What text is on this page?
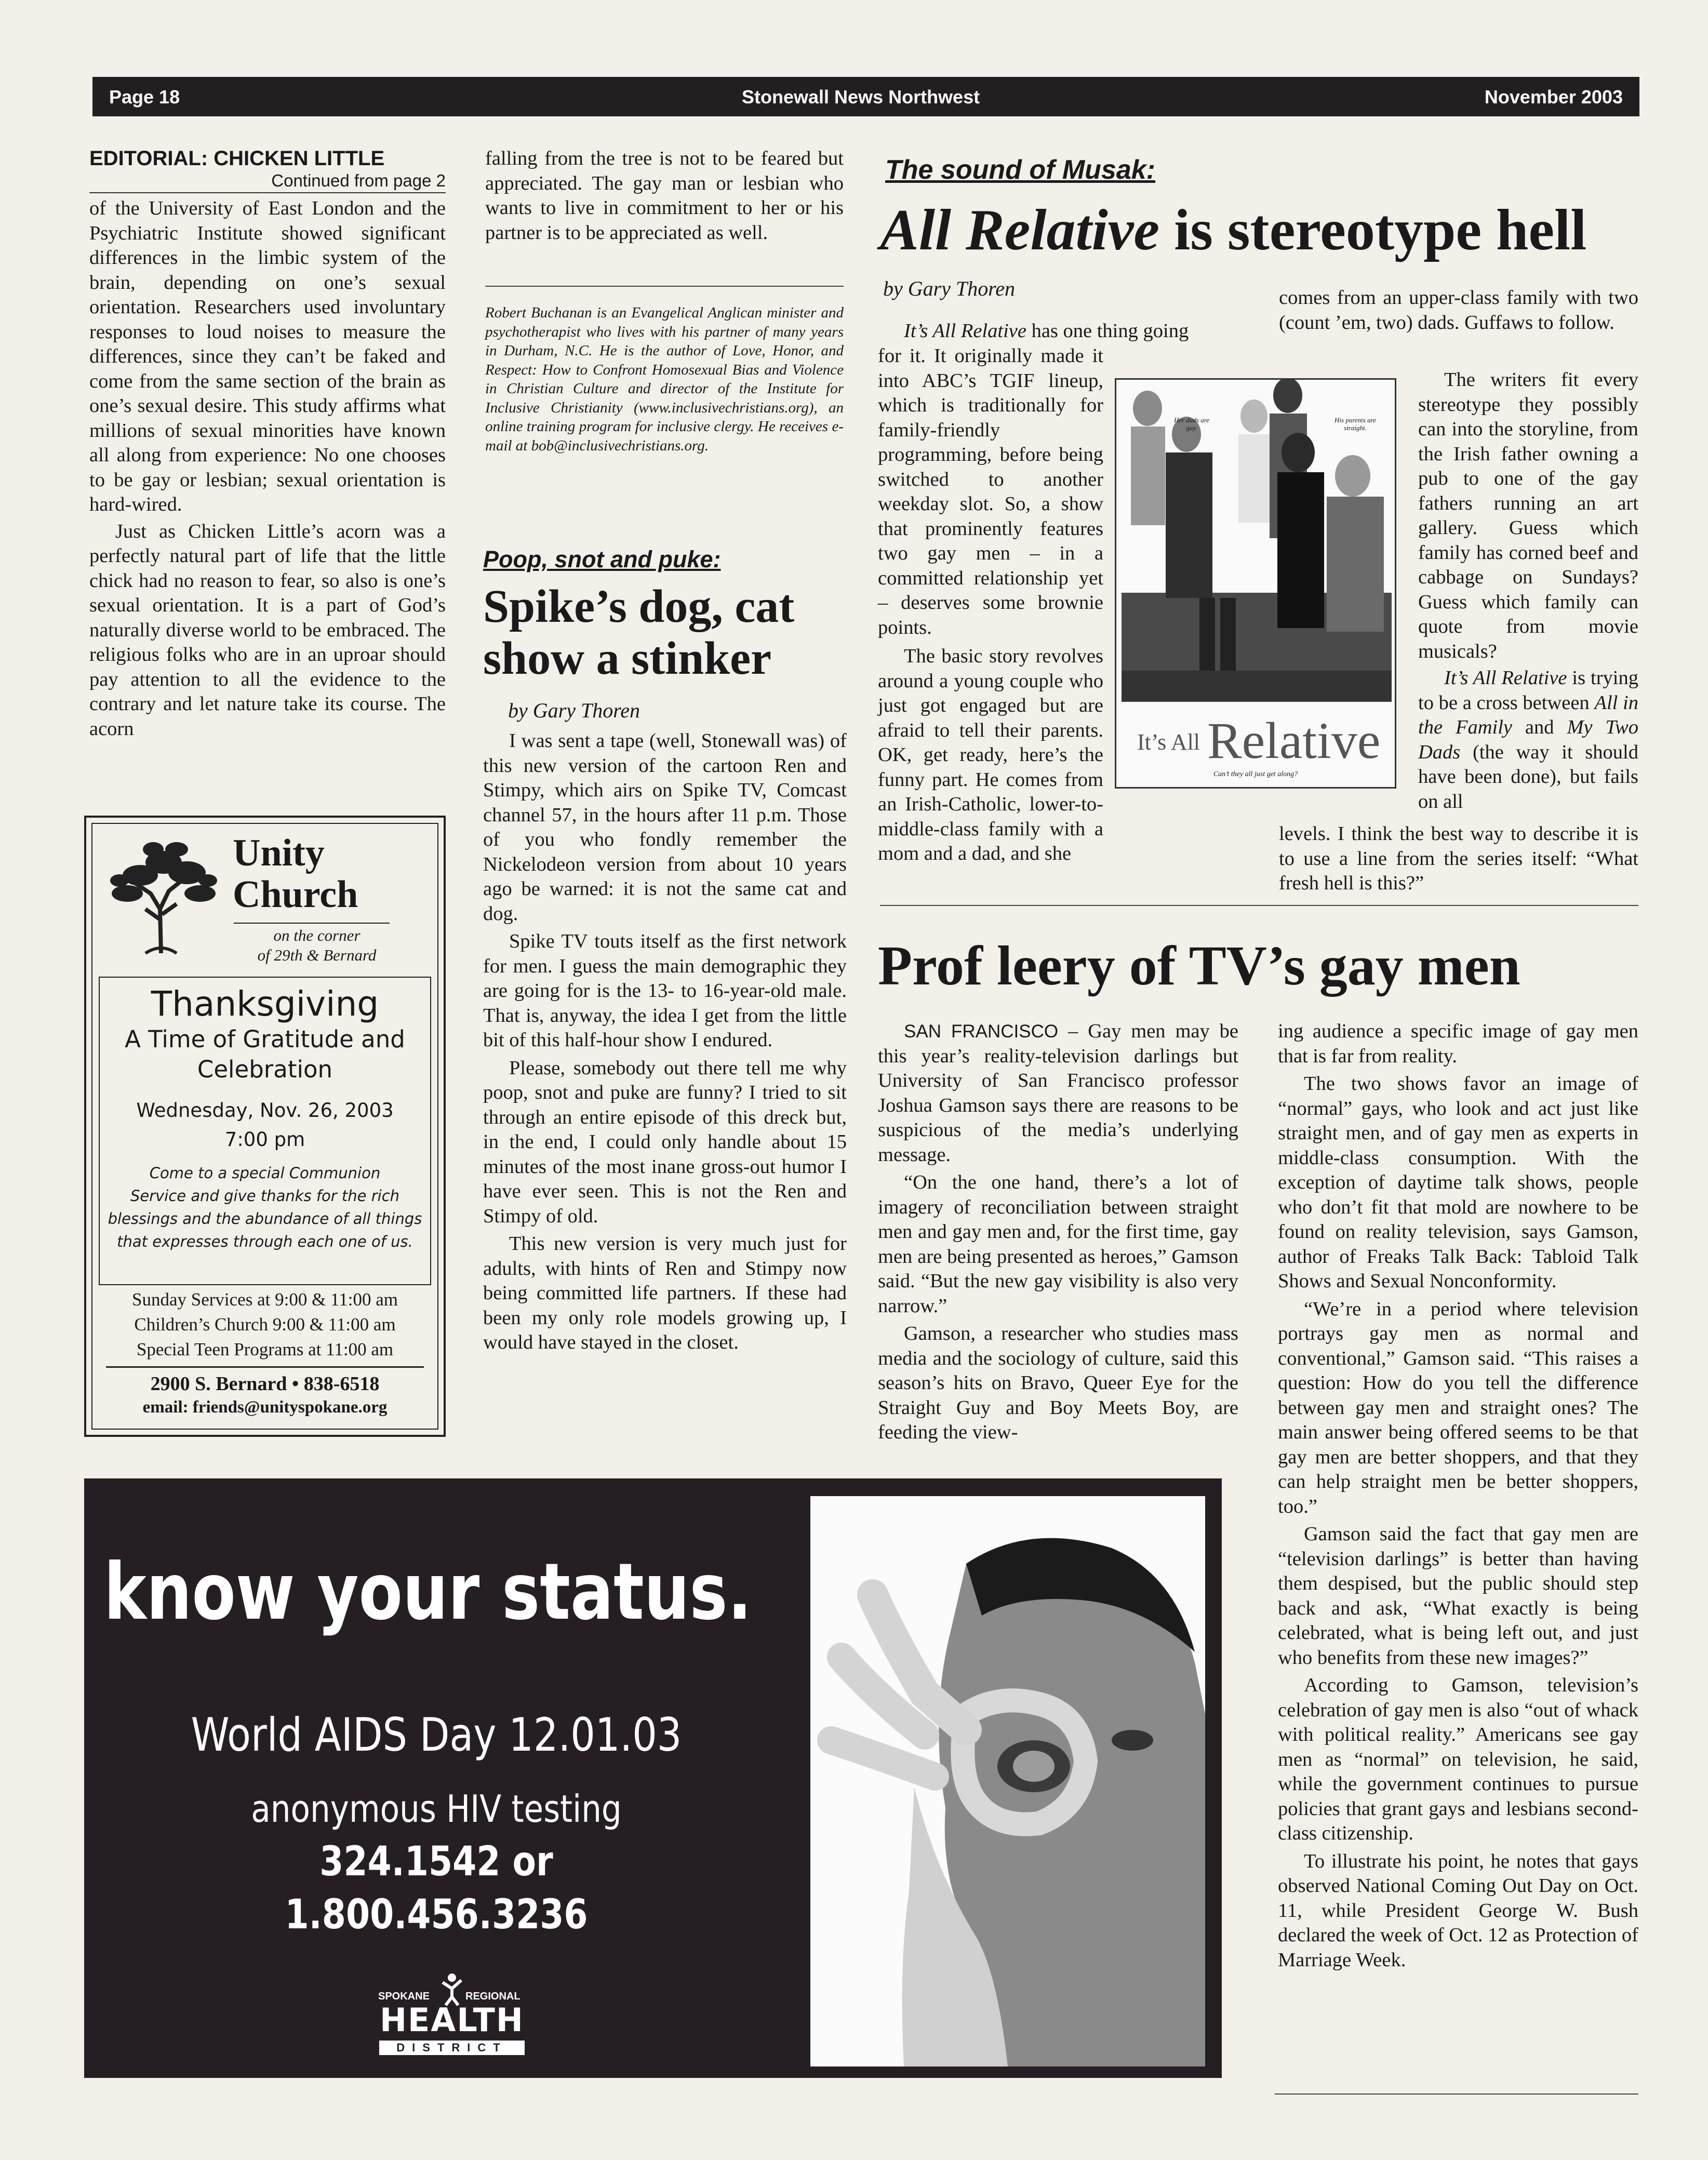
Page 18	Stonewall News Northwest	November 2003
EDITORIAL: CHICKEN LITTLE
Continued from page 2

of the University of East London and the Psychiatric Institute showed significant differences in the limbic system of the brain, depending on one’s sexual orientation. Researchers used involuntary responses to loud noises to measure the differences, since they can’t be faked and come from the same section of the brain as one’s sexual desire. This study affirms what millions of sexual minorities have known all along from experience: No one chooses to be gay or lesbian; sexual orientation is hard-wired.

Just as Chicken Little’s acorn was a perfectly natural part of life that the little chick had no reason to fear, so also is one’s sexual orientation. It is a part of God’s naturally diverse world to be embraced. The religious folks who are in an uproar should pay attention to all the evidence to the contrary and let nature take its course. The acorn

Unity
Church
on the corner
of 29th & Bernard
Thanksgiving
A Time of Gratitude and
Celebration
Wednesday, Nov. 26, 2003
7:00 pm
Come to a special Communion
Service and give thanks for the rich
blessings and the abundance of all things
that expresses through each one of us.
Sunday Services at 9:00 & 11:00 am
Children’s Church 9:00 & 11:00 am
Special Teen Programs at 11:00 am
2900 S. Bernard • 838-6518
email: friends@unityspokane.org

falling from the tree is not to be feared but appreciated. The gay man or lesbian who wants to live in commitment to her or his partner is to be appreciated as well.

Robert Buchanan is an Evangelical Anglican minister and psychotherapist who lives with his partner of many years in Durham, N.C. He is the author of Love, Honor, and Respect: How to Confront Homosexual Bias and Violence in Christian Culture and director of the Institute for Inclusive Christianity (www.inclusivechristians.org), an online training program for inclusive clergy. He receives e-mail at bob@inclusivechristians.org.

Poop, snot and puke:
Spike’s dog, cat
show a stinker
by Gary Thoren

I was sent a tape (well, Stonewall was) of this new version of the cartoon Ren and Stimpy, which airs on Spike TV, Comcast channel 57, in the hours after 11 p.m. Those of you who fondly remember the Nickelodeon version from about 10 years ago be warned: it is not the same cat and dog.

Spike TV touts itself as the first network for men. I guess the main demographic they are going for is the 13- to 16-year-old male. That is, anyway, the idea I get from the little bit of this half-hour show I endured.

Please, somebody out there tell me why poop, snot and puke are funny? I tried to sit through an entire episode of this dreck but, in the end, I could only handle about 15 minutes of the most inane gross-out humor I have ever seen. This is not the Ren and Stimpy of old.

This new version is very much just for adults, with hints of Ren and Stimpy now being committed life partners. If these had been my only role models growing up, I would have stayed in the closet.

The sound of Musak:
All Relative is stereotype hell
by Gary Thoren

It’s All Relative has one thing going

for it. It originally made it into ABC’s TGIF lineup, which is traditionally for family-friendly programming, before being switched to another weekday slot. So, a show that prominently features two gay men – in a committed relationship yet – deserves some brownie points.

The basic story revolves around a young couple who just got engaged but are afraid to tell their parents. OK, get ready, here’s the funny part. He comes from an Irish-Catholic, lower-to-middle-class family with a mom and a dad, and she

Her dads are gay.
His parents are straight.
It’s All Relative
Can’t they all just get along?

comes from an upper-class family with two (count ’em, two) dads. Guffaws to follow.

The writers fit every stereotype they possibly can into the storyline, from the Irish father owning a pub to one of the gay fathers running an art gallery. Guess which family has corned beef and cabbage on Sundays? Guess which family can quote from movie musicals?

It’s All Relative is trying to be a cross between All in the Family and My Two Dads (the way it should have been done), but fails on all

levels. I think the best way to describe it is to use a line from the series itself: “What fresh hell is this?”

Prof leery of TV’s gay men

SAN FRANCISCO – Gay men may be this year’s reality-television darlings but University of San Francisco professor Joshua Gamson says there are reasons to be suspicious of the media’s underlying message.

“On the one hand, there’s a lot of imagery of reconciliation between straight men and gay men and, for the first time, gay men are being presented as heroes,” Gamson said. “But the new gay visibility is also very narrow.”

Gamson, a researcher who studies mass media and the sociology of culture, said this season’s hits on Bravo, Queer Eye for the Straight Guy and Boy Meets Boy, are feeding the view-

ing audience a specific image of gay men that is far from reality.

The two shows favor an image of “normal” gays, who look and act just like straight men, and of gay men as experts in middle-class consumption. With the exception of daytime talk shows, people who don’t fit that mold are nowhere to be found on reality television, says Gamson, author of Freaks Talk Back: Tabloid Talk Shows and Sexual Nonconformity.

“We’re in a period where television portrays gay men as normal and conventional,” Gamson said. “This raises a question: How do you tell the difference between gay men and straight ones? The main answer being offered seems to be that gay men are better shoppers, and that they can help straight men be better shoppers, too.”

Gamson said the fact that gay men are “television darlings” is better than having them despised, but the public should step back and ask, “What exactly is being celebrated, what is being left out, and just who benefits from these new images?”

According to Gamson, television’s celebration of gay men is also “out of whack with political reality.” Americans see gay men as “normal” on television, he said, while the government continues to pursue policies that grant gays and lesbians second-class citizenship.

To illustrate his point, he notes that gays observed National Coming Out Day on Oct. 11, while President George W. Bush declared the week of Oct. 12 as Protection of Marriage Week.

know your status.
World AIDS Day 12.01.03
anonymous HIV testing
324.1542 or
1.800.456.3236
SPOKANE	REGIONAL
HEALTH
DISTRICT
